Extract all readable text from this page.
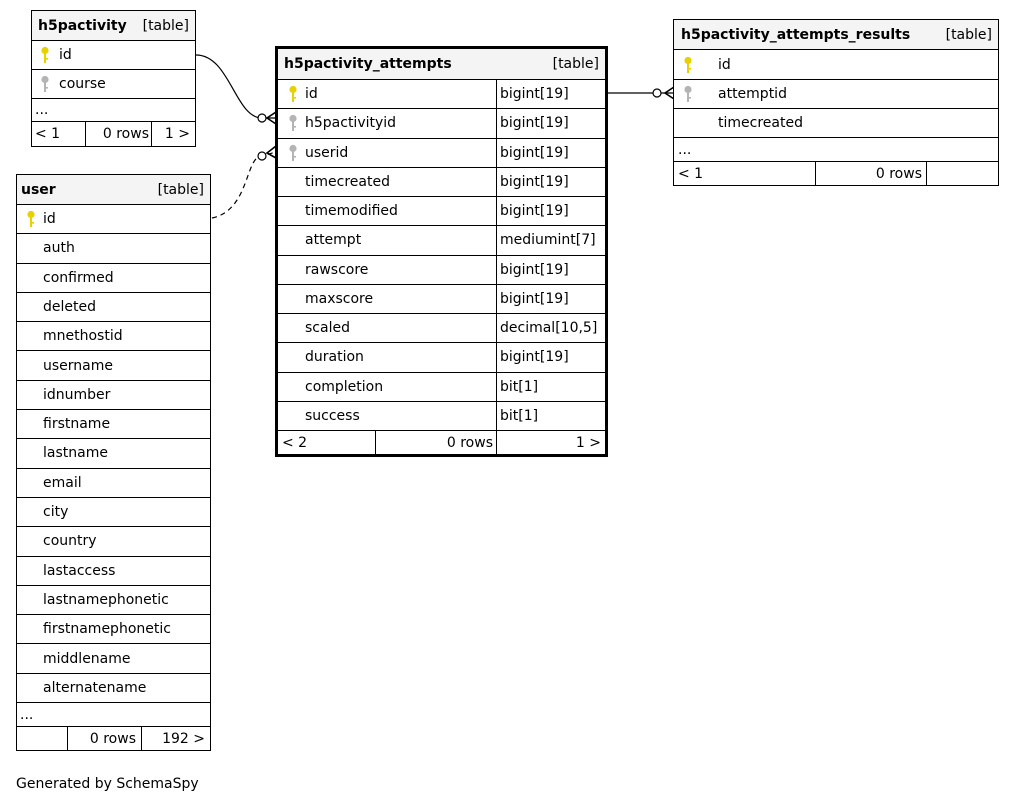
h5pactivity [table]
id
course
...
< 1	0 rows 1 >
user	[table]
id
auth
confirmed
deleted
mnethostid
username
idnumber
firstname
lastname
email
city
country
lastaccess
lastnamephonetic
firstnamephonetic
middlename
alternatename
...
0 rows 192 >
h5pactivity_attempts	[table]
id	bigint[19]
h5pactivityid	bigint[19]
userid	bigint[19]
timecreated	bigint[19]
timemodified	bigint[19]
attempt	mediumint[7]
rawscore	bigint[19]
maxscore	bigint[19]
scaled	decimal[10,5]
duration	bigint[19]
completion	bit[1]
success	bit[1]
< 2	0 rows	1 >
h5pactivity_attempts_results	[table]
id
attemptid
timecreated
...
< 1	0 rows
Generated by SchemaSpy
